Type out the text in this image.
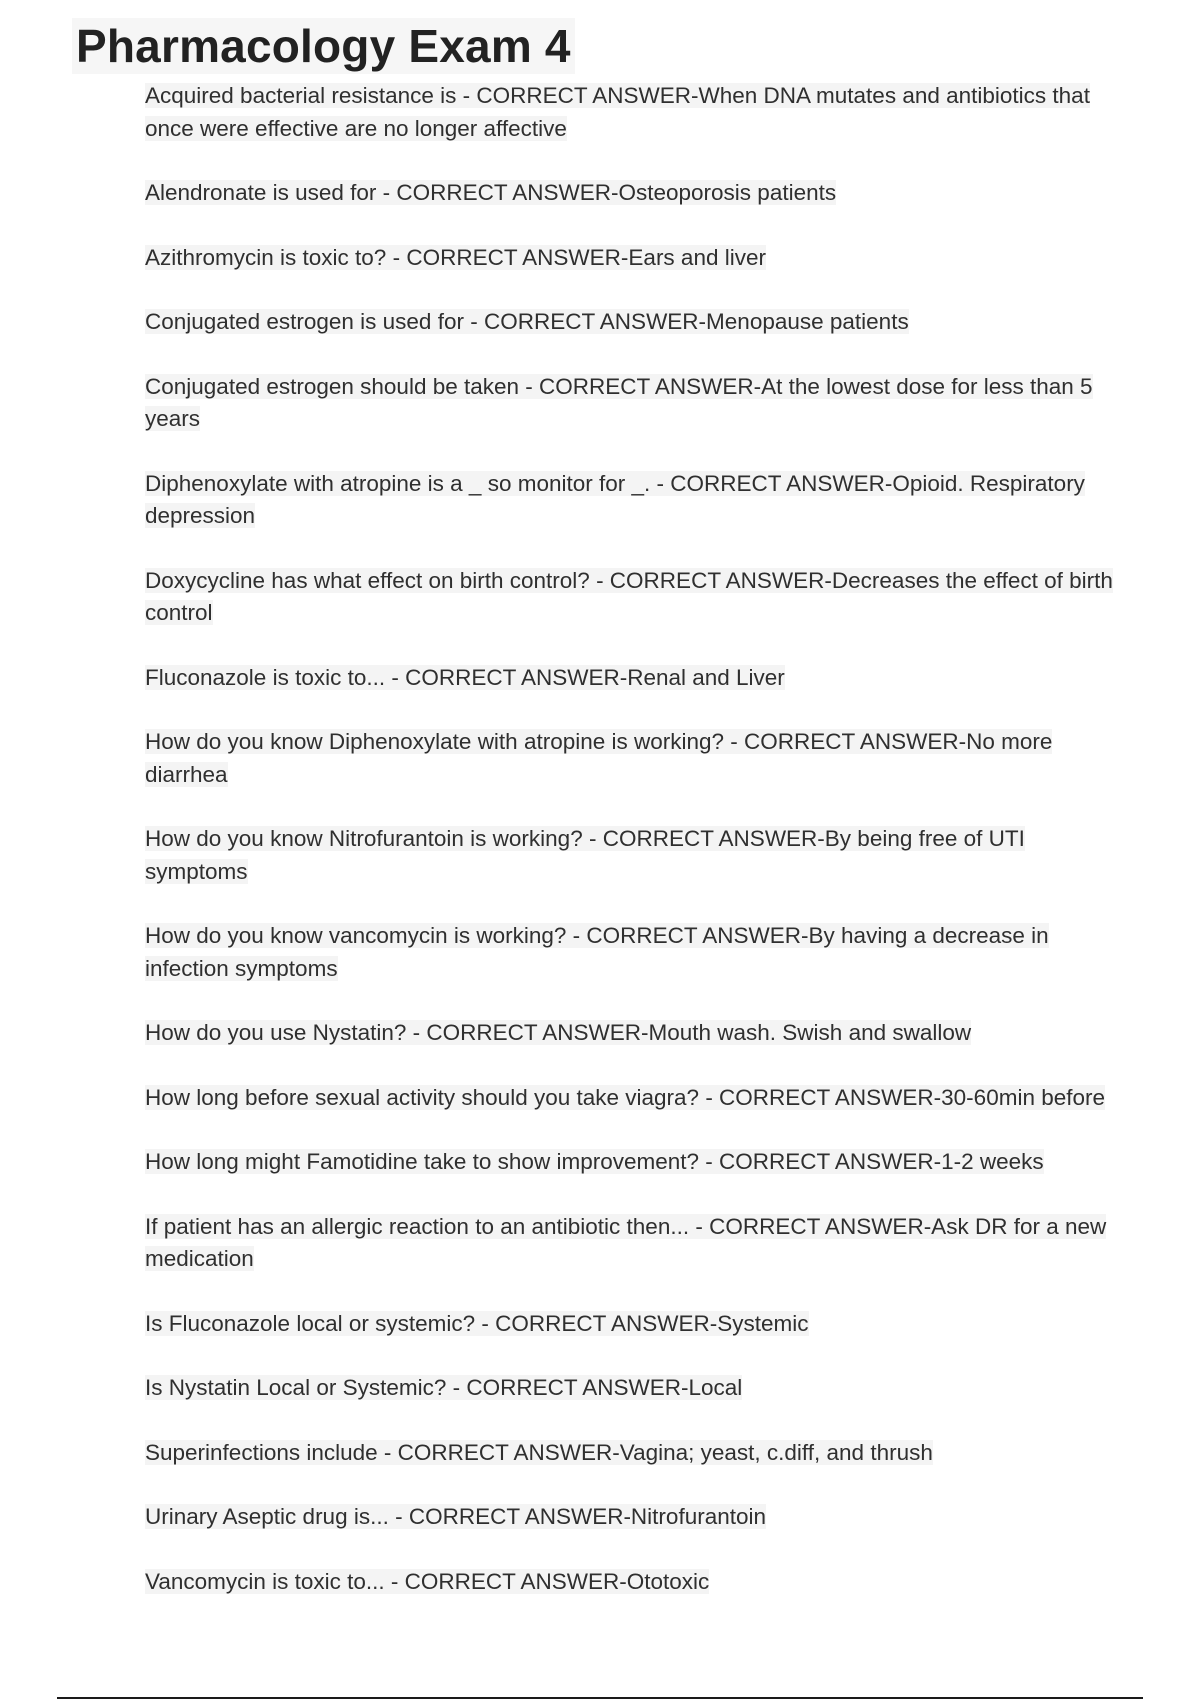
Pharmacology Exam 4
Acquired bacterial resistance is - CORRECT ANSWER-When DNA mutates and antibiotics that once were effective are no longer affective
Alendronate is used for - CORRECT ANSWER-Osteoporosis patients
Azithromycin is toxic to? - CORRECT ANSWER-Ears and liver
Conjugated estrogen is used for - CORRECT ANSWER-Menopause patients
Conjugated estrogen should be taken - CORRECT ANSWER-At the lowest dose for less than 5 years
Diphenoxylate with atropine is a _ so monitor for _. - CORRECT ANSWER-Opioid. Respiratory depression
Doxycycline has what effect on birth control? - CORRECT ANSWER-Decreases the effect of birth control
Fluconazole is toxic to... - CORRECT ANSWER-Renal and Liver
How do you know Diphenoxylate with atropine is working? - CORRECT ANSWER-No more diarrhea
How do you know Nitrofurantoin is working? - CORRECT ANSWER-By being free of UTI symptoms
How do you know vancomycin is working? - CORRECT ANSWER-By having a decrease in infection symptoms
How do you use Nystatin? - CORRECT ANSWER-Mouth wash. Swish and swallow
How long before sexual activity should you take viagra? - CORRECT ANSWER-30-60min before
How long might Famotidine take to show improvement? - CORRECT ANSWER-1-2 weeks
If patient has an allergic reaction to an antibiotic then... - CORRECT ANSWER-Ask DR for a new medication
Is Fluconazole local or systemic? - CORRECT ANSWER-Systemic
Is Nystatin Local or Systemic? - CORRECT ANSWER-Local
Superinfections include - CORRECT ANSWER-Vagina; yeast, c.diff, and thrush
Urinary Aseptic drug is... - CORRECT ANSWER-Nitrofurantoin
Vancomycin is toxic to... - CORRECT ANSWER-Ototoxic
